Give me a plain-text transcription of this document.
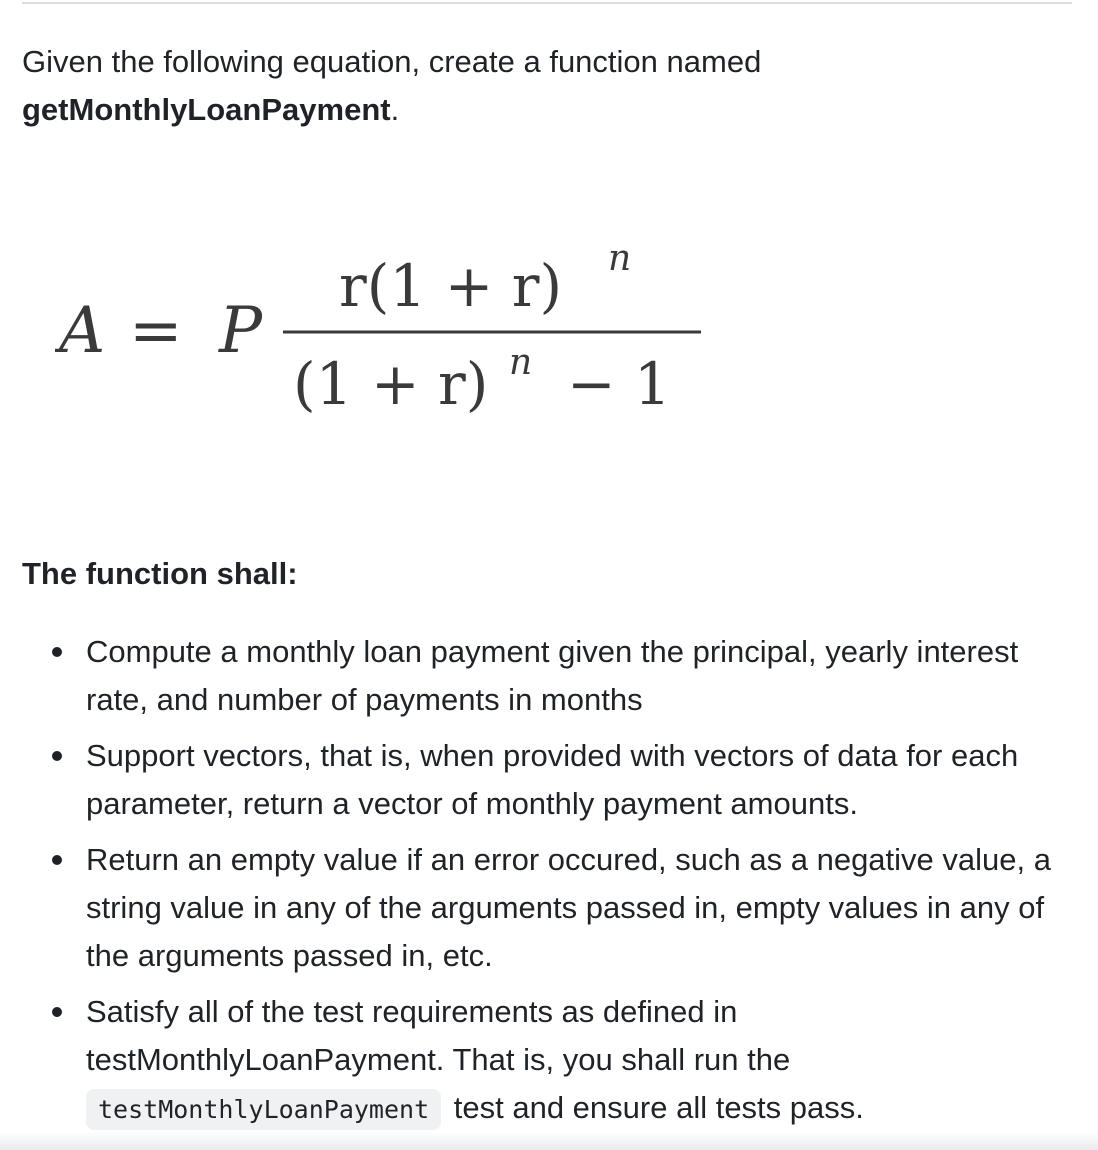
Given the following equation, create a function named
getMonthlyLoanPayment.

A = P
r(1 + r) n
(1 + r) n − 1
The function shall:
Compute a monthly loan payment given the principal, yearly interest rate, and number of payments in months
Support vectors, that is, when provided with vectors of data for each parameter, return a vector of monthly payment amounts.
Return an empty value if an error occured, such as a negative value, a string value in any of the arguments passed in, empty values in any of the arguments passed in, etc.
Satisfy all of the test requirements as defined in testMonthlyLoanPayment. That is, you shall run the testMonthlyLoanPayment test and ensure all tests pass.
